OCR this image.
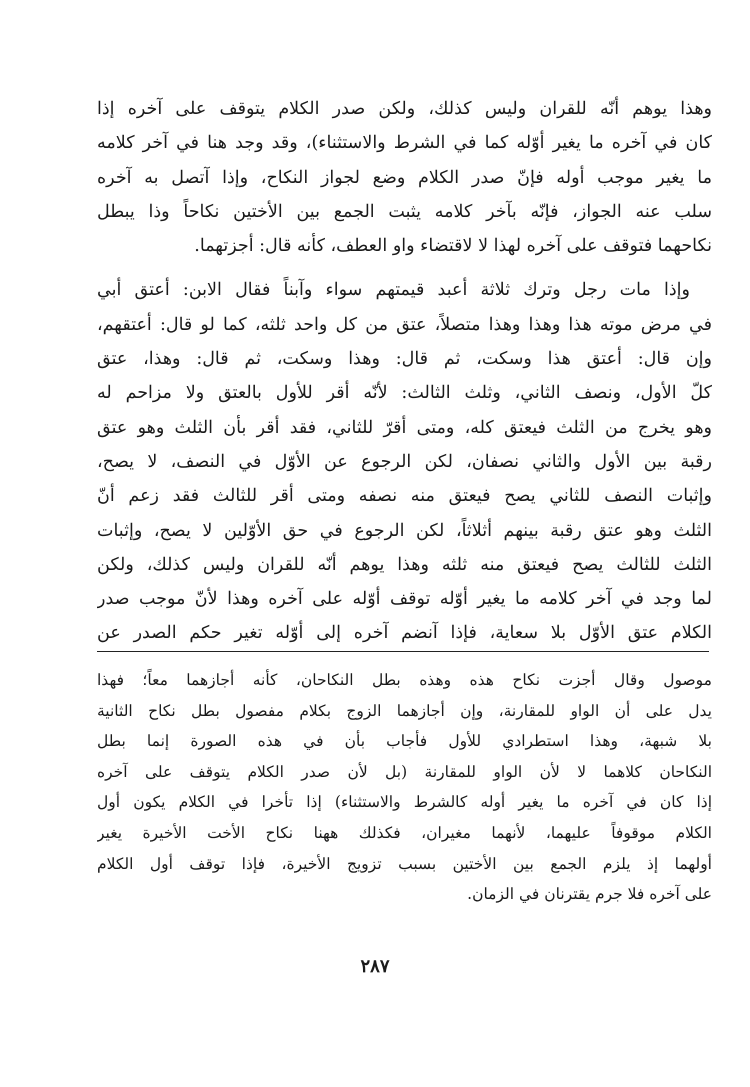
وهذا يوهم أنّه للقران وليس كذلك، ولكن صدر الكلام يتوقف على آخره إذا
كان في آخره ما يغير أوّله كما في الشرط والاستثناء)، وقد وجد هنا في آخر كلامه
ما يغير موجب أوله فإنّ صدر الكلام وضع لجواز النكاح، وإذا آتصل به آخره
سلب عنه الجواز، فإنّه بآخر كلامه يثبت الجمع بين الأختين نكاحاً وذا يبطل
نكاحهما فتوقف على آخره لهذا لا لاقتضاء واو العطف، كأنه قال: أجزتهما.

وإذا مات رجل وترك ثلاثة أعبد قيمتهم سواء وآبناً فقال الابن: أعتق أبي
في مرض موته هذا وهذا وهذا متصلاً، عتق من كل واحد ثلثه، كما لو قال: أعتقهم،
وإن قال: أعتق هذا وسكت، ثم قال: وهذا وسكت، ثم قال: وهذا، عتق
كلّ الأول، ونصف الثاني، وثلث الثالث: لأنّه أقر للأول بالعتق ولا مزاحم له
وهو يخرج من الثلث فيعتق كله، ومتى أقرّ للثاني، فقد أقر بأن الثلث وهو عتق
رقبة بين الأول والثاني نصفان، لكن الرجوع عن الأوّل في النصف، لا يصح،
وإثبات النصف للثاني يصح فيعتق منه نصفه ومتى أقر للثالث فقد زعم أنّ
الثلث وهو عتق رقبة بينهم أثلاثاً، لكن الرجوع في حق الأوّلين لا يصح، وإثبات
الثلث للثالث يصح فيعتق منه ثلثه وهذا يوهم أنّه للقران وليس كذلك، ولكن
لما وجد في آخر كلامه ما يغير أوّله توقف أوّله على آخره وهذا لأنّ موجب صدر
الكلام عتق الأوّل بلا سعاية، فإذا آنضم آخره إلى أوّله تغير حكم الصدر عن

موصول وقال أجزت نكاح هذه وهذه بطل النكاحان، كأنه أجازهما معاً؛ فهذا
يدل على أن الواو للمقارنة، وإن أجازهما الزوج بكلام مفصول بطل نكاح الثانية
بلا شبهة، وهذا استطرادي للأول فأجاب بأن في هذه الصورة إنما بطل
النكاحان كلاهما لا لأن الواو للمقارنة (بل لأن صدر الكلام يتوقف على آخره
إذا كان في آخره ما يغير أوله كالشرط والاستثناء) إذا تأخرا في الكلام يكون أول
الكلام موقوفاً عليهما، لأنهما مغيران، فكذلك ههنا نكاح الأخت الأخيرة يغير
أولهما إذ يلزم الجمع بين الأختين بسبب تزويج الأخيرة، فإذا توقف أول الكلام
على آخره فلا جرم يقترنان في الزمان.
٢٨٧
